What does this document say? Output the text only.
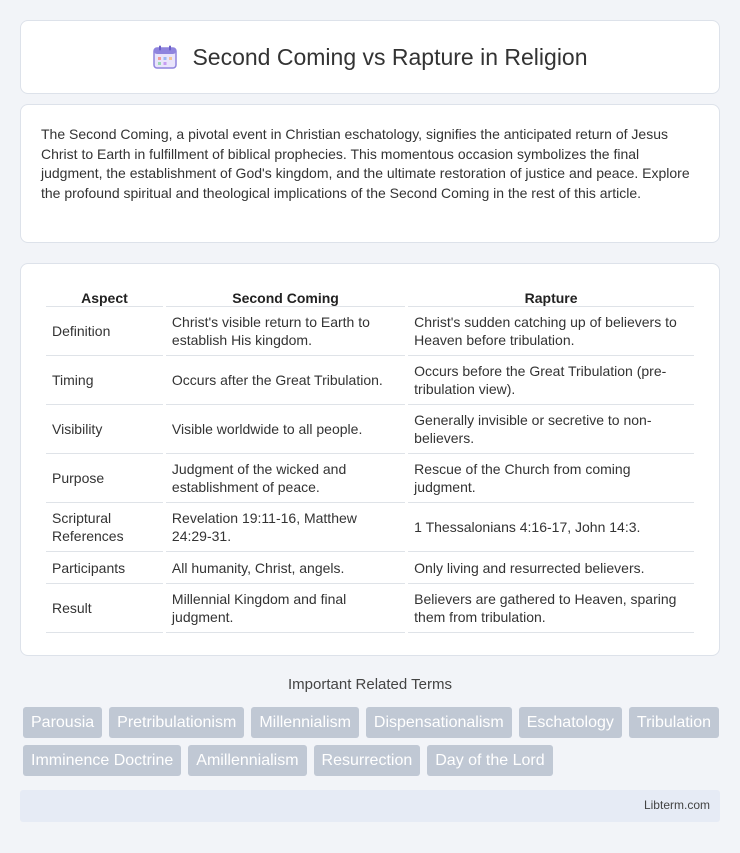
Second Coming vs Rapture in Religion

The Second Coming, a pivotal event in Christian eschatology, signifies the anticipated return of Jesus Christ to Earth in fulfillment of biblical prophecies. This momentous occasion symbolizes the final judgment, the establishment of God's kingdom, and the ultimate restoration of justice and peace. Explore the profound spiritual and theological implications of the Second Coming in the rest of this article.

Aspect	Second Coming	Rapture
Definition	Christ's visible return to Earth to establish His kingdom.	Christ's sudden catching up of believers to Heaven before tribulation.
Timing	Occurs after the Great Tribulation.	Occurs before the Great Tribulation (pre-tribulation view).
Visibility	Visible worldwide to all people.	Generally invisible or secretive to non-believers.
Purpose	Judgment of the wicked and establishment of peace.	Rescue of the Church from coming judgment.
Scriptural References	Revelation 19:11-16, Matthew 24:29-31.	1 Thessalonians 4:16-17, John 14:3.
Participants	All humanity, Christ, angels.	Only living and resurrected believers.
Result	Millennial Kingdom and final judgment.	Believers are gathered to Heaven, sparing them from tribulation.
Important Related Terms
Parousia	Pretribulationism	Millennialism	Dispensationalism	Eschatology	Tribulation
Imminence Doctrine	Amillennialism	Resurrection	Day of the Lord
Libterm.com
